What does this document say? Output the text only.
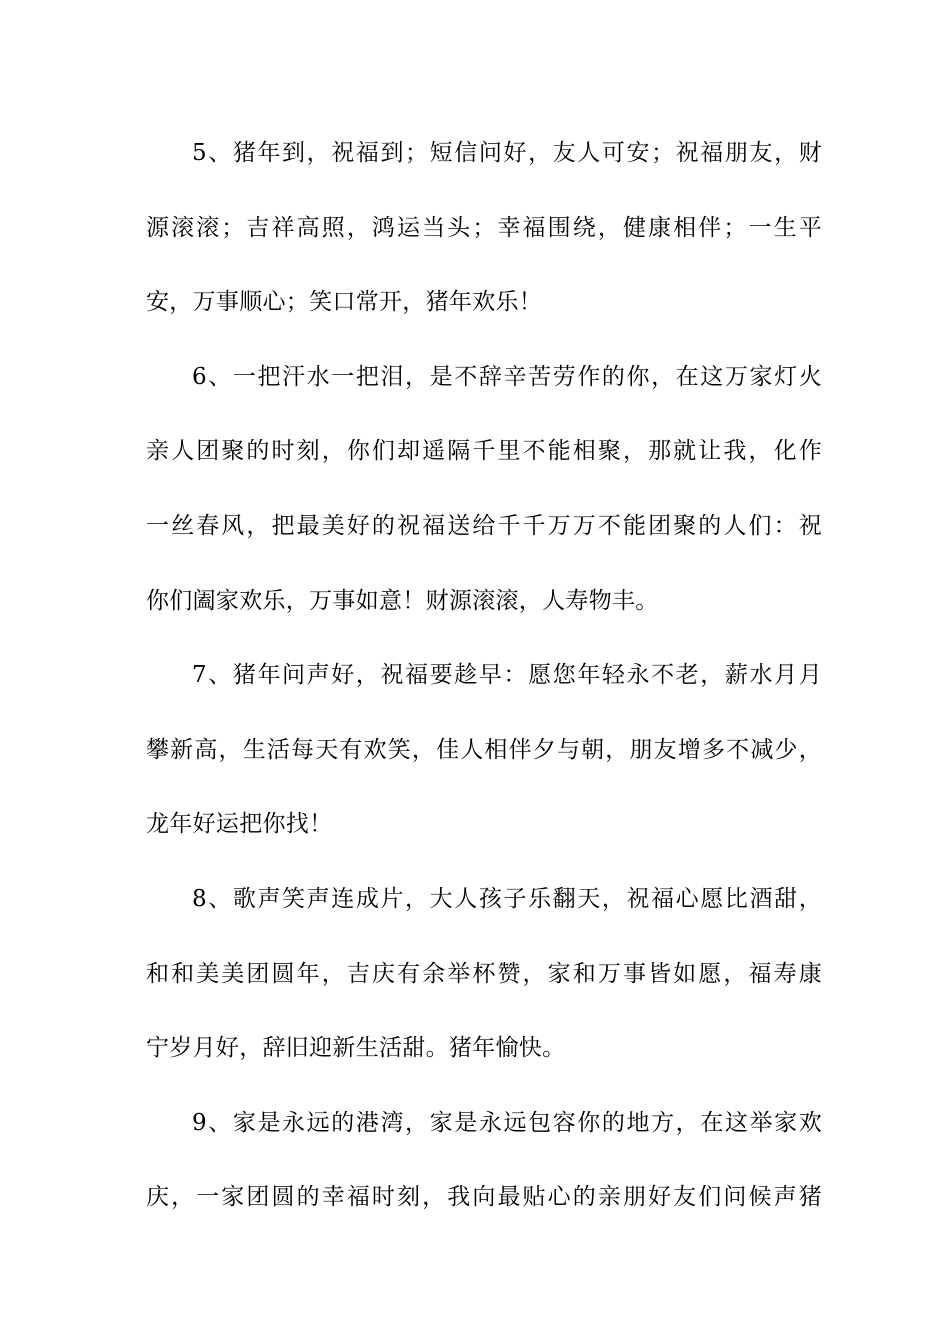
5、猪年到，祝福到；短信问好，友人可安；祝福朋友，财
源滚滚；吉祥高照，鸿运当头；幸福围绕，健康相伴；一生平
安，万事顺心；笑口常开，猪年欢乐！
6、一把汗水一把泪，是不辞辛苦劳作的你，在这万家灯火
亲人团聚的时刻，你们却遥隔千里不能相聚，那就让我，化作
一丝春风，把最美好的祝福送给千千万万不能团聚的人们：祝
你们阖家欢乐，万事如意！财源滚滚，人寿物丰。
7、猪年问声好，祝福要趁早：愿您年轻永不老，薪水月月
攀新高，生活每天有欢笑，佳人相伴夕与朝，朋友增多不减少，
龙年好运把你找！
8、歌声笑声连成片，大人孩子乐翻天，祝福心愿比酒甜，
和和美美团圆年，吉庆有余举杯赞，家和万事皆如愿，福寿康
宁岁月好，辞旧迎新生活甜。猪年愉快。
9、家是永远的港湾，家是永远包容你的地方，在这举家欢
庆，一家团圆的幸福时刻，我向最贴心的亲朋好友们问候声猪
